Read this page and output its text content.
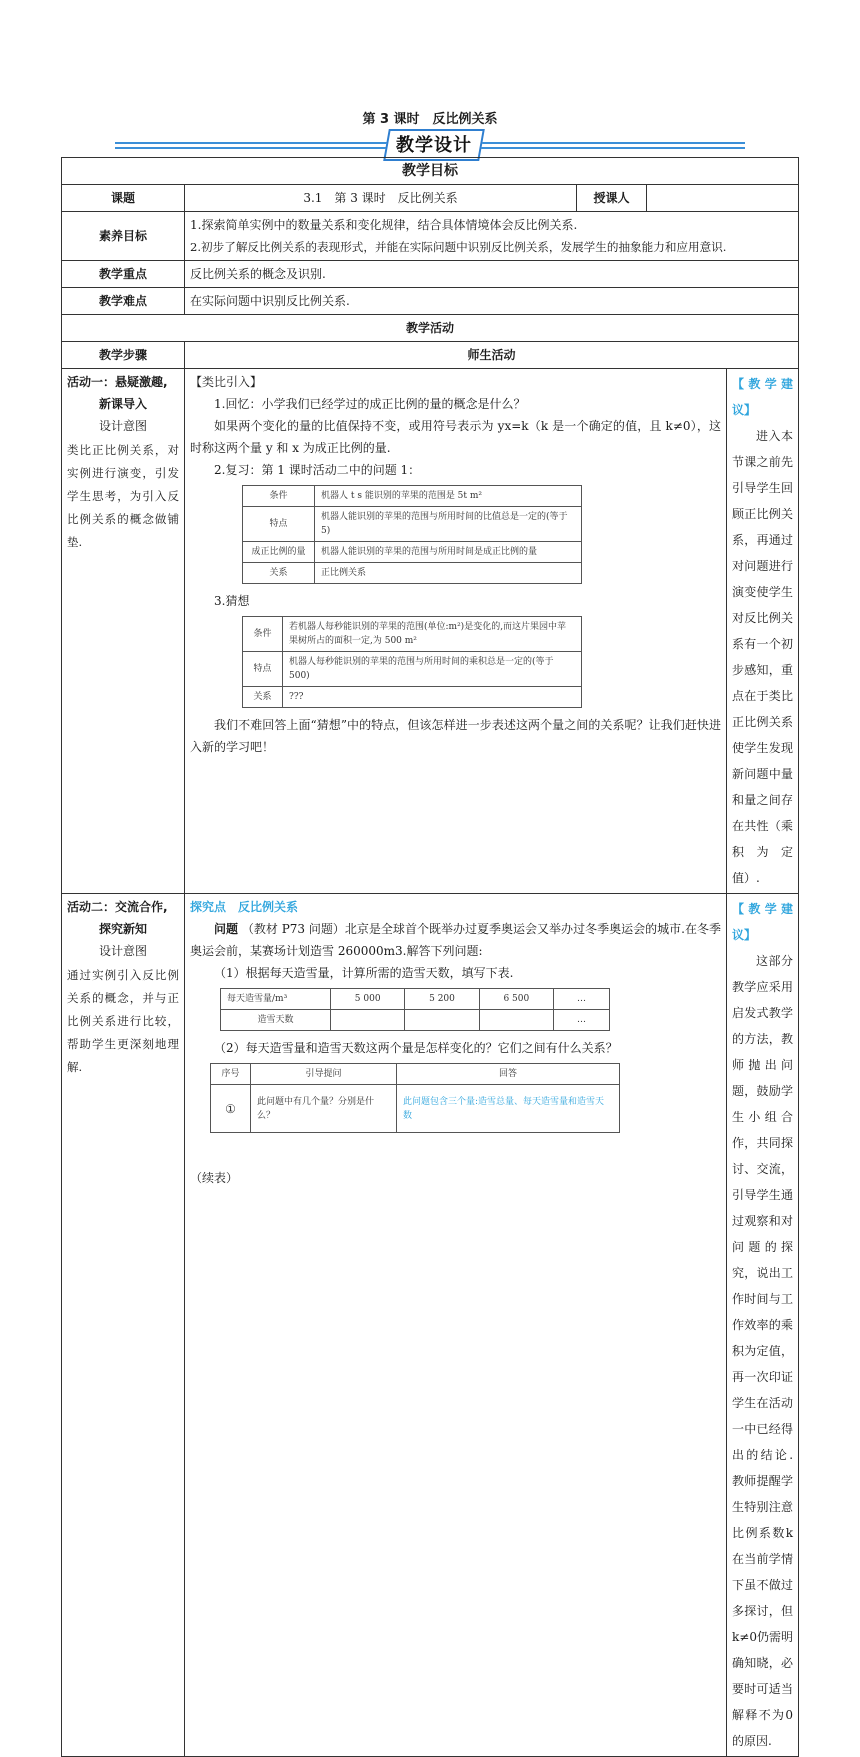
第 3 课时　反比例关系
教学设计
教学目标
课题	3.1　第 3 课时　反比例关系	授课人	
素养目标	
1.探索简单实例中的数量关系和变化规律，结合具体情境体会反比例关系.
2.初步了解反比例关系的表现形式，并能在实际问题中识别反比例关系，发展学生的抽象能力和应用意识.

教学重点	反比例关系的概念及识别.
教学难点	在实际问题中识别反比例关系.
教学活动
教学步骤	师生活动

活动一：悬疑激趣,
新课导入
设计意图
类比正比例关系，对实例进行演变，引发学生思考，为引入反比例关系的概念做铺垫.

【类比引入】

1.回忆：小学我们已经学过的成正比例的量的概念是什么？

如果两个变化的量的比值保持不变，或用符号表示为 yx=k（k 是一个确定的值，且 k≠0），这时称这两个量 y 和 x 为成正比例的量.

2.复习：第 1 课时活动二中的问题 1：

条件	机器人 t s 能识别的苹果的范围是 5t m²
特点	机器人能识别的苹果的范围与所用时间的比值总是一定的(等于 5)
成正比例的量	机器人能识别的苹果的范围与所用时间是成正比例的量
关系	正比例关系

3.猜想

条件	若机器人每秒能识别的苹果的范围(单位:m²)是变化的,而这片果园中苹果树所占的面积一定,为 500 m²
特点	机器人每秒能识别的苹果的范围与所用时间的乘积总是一定的(等于 500)
关系	???

我们不难回答上面“猜想”中的特点，但该怎样进一步表述这两个量之间的关系呢？让我们赶快进入新的学习吧！

【教学建议】

进入本节课之前先引导学生回顾正比例关系，再通过对问题进行演变使学生对反比例关系有一个初步感知，重点在于类比正比例关系使学生发现新问题中量和量之间存在共性（乘积为定值）.

活动二：交流合作,
探究新知
设计意图
通过实例引入反比例关系的概念，并与正比例关系进行比较，帮助学生更深刻地理解.

探究点　反比例关系

问题 （教材 P73 问题）北京是全球首个既举办过夏季奥运会又举办过冬季奥运会的城市.在冬季奥运会前，某赛场计划造雪 260000m3.解答下列问题:

（1）根据每天造雪量，计算所需的造雪天数，填写下表.

每天造雪量/m³	5 000	5 200	6 500	…
造雪天数				…

（2）每天造雪量和造雪天数这两个量是怎样变化的？它们之间有什么关系？

序号	引导提问	回答
①	此问题中有几个量？分别是什么？	此问题包含三个量:造雪总量、每天造雪量和造雪天数
（续表）

【教学建议】

这部分教学应采用启发式教学的方法，教师抛出问题，鼓励学生小组合作，共同探讨、交流，引导学生通过观察和对问题的探究，说出工作时间与工作效率的乘积为定值，再一次印证学生在活动一中已经得出的结论.教师提醒学生特别注意比例系数k在当前学情下虽不做过多探讨，但k≠0仍需明确知晓，必要时可适当解释不为0的原因.
